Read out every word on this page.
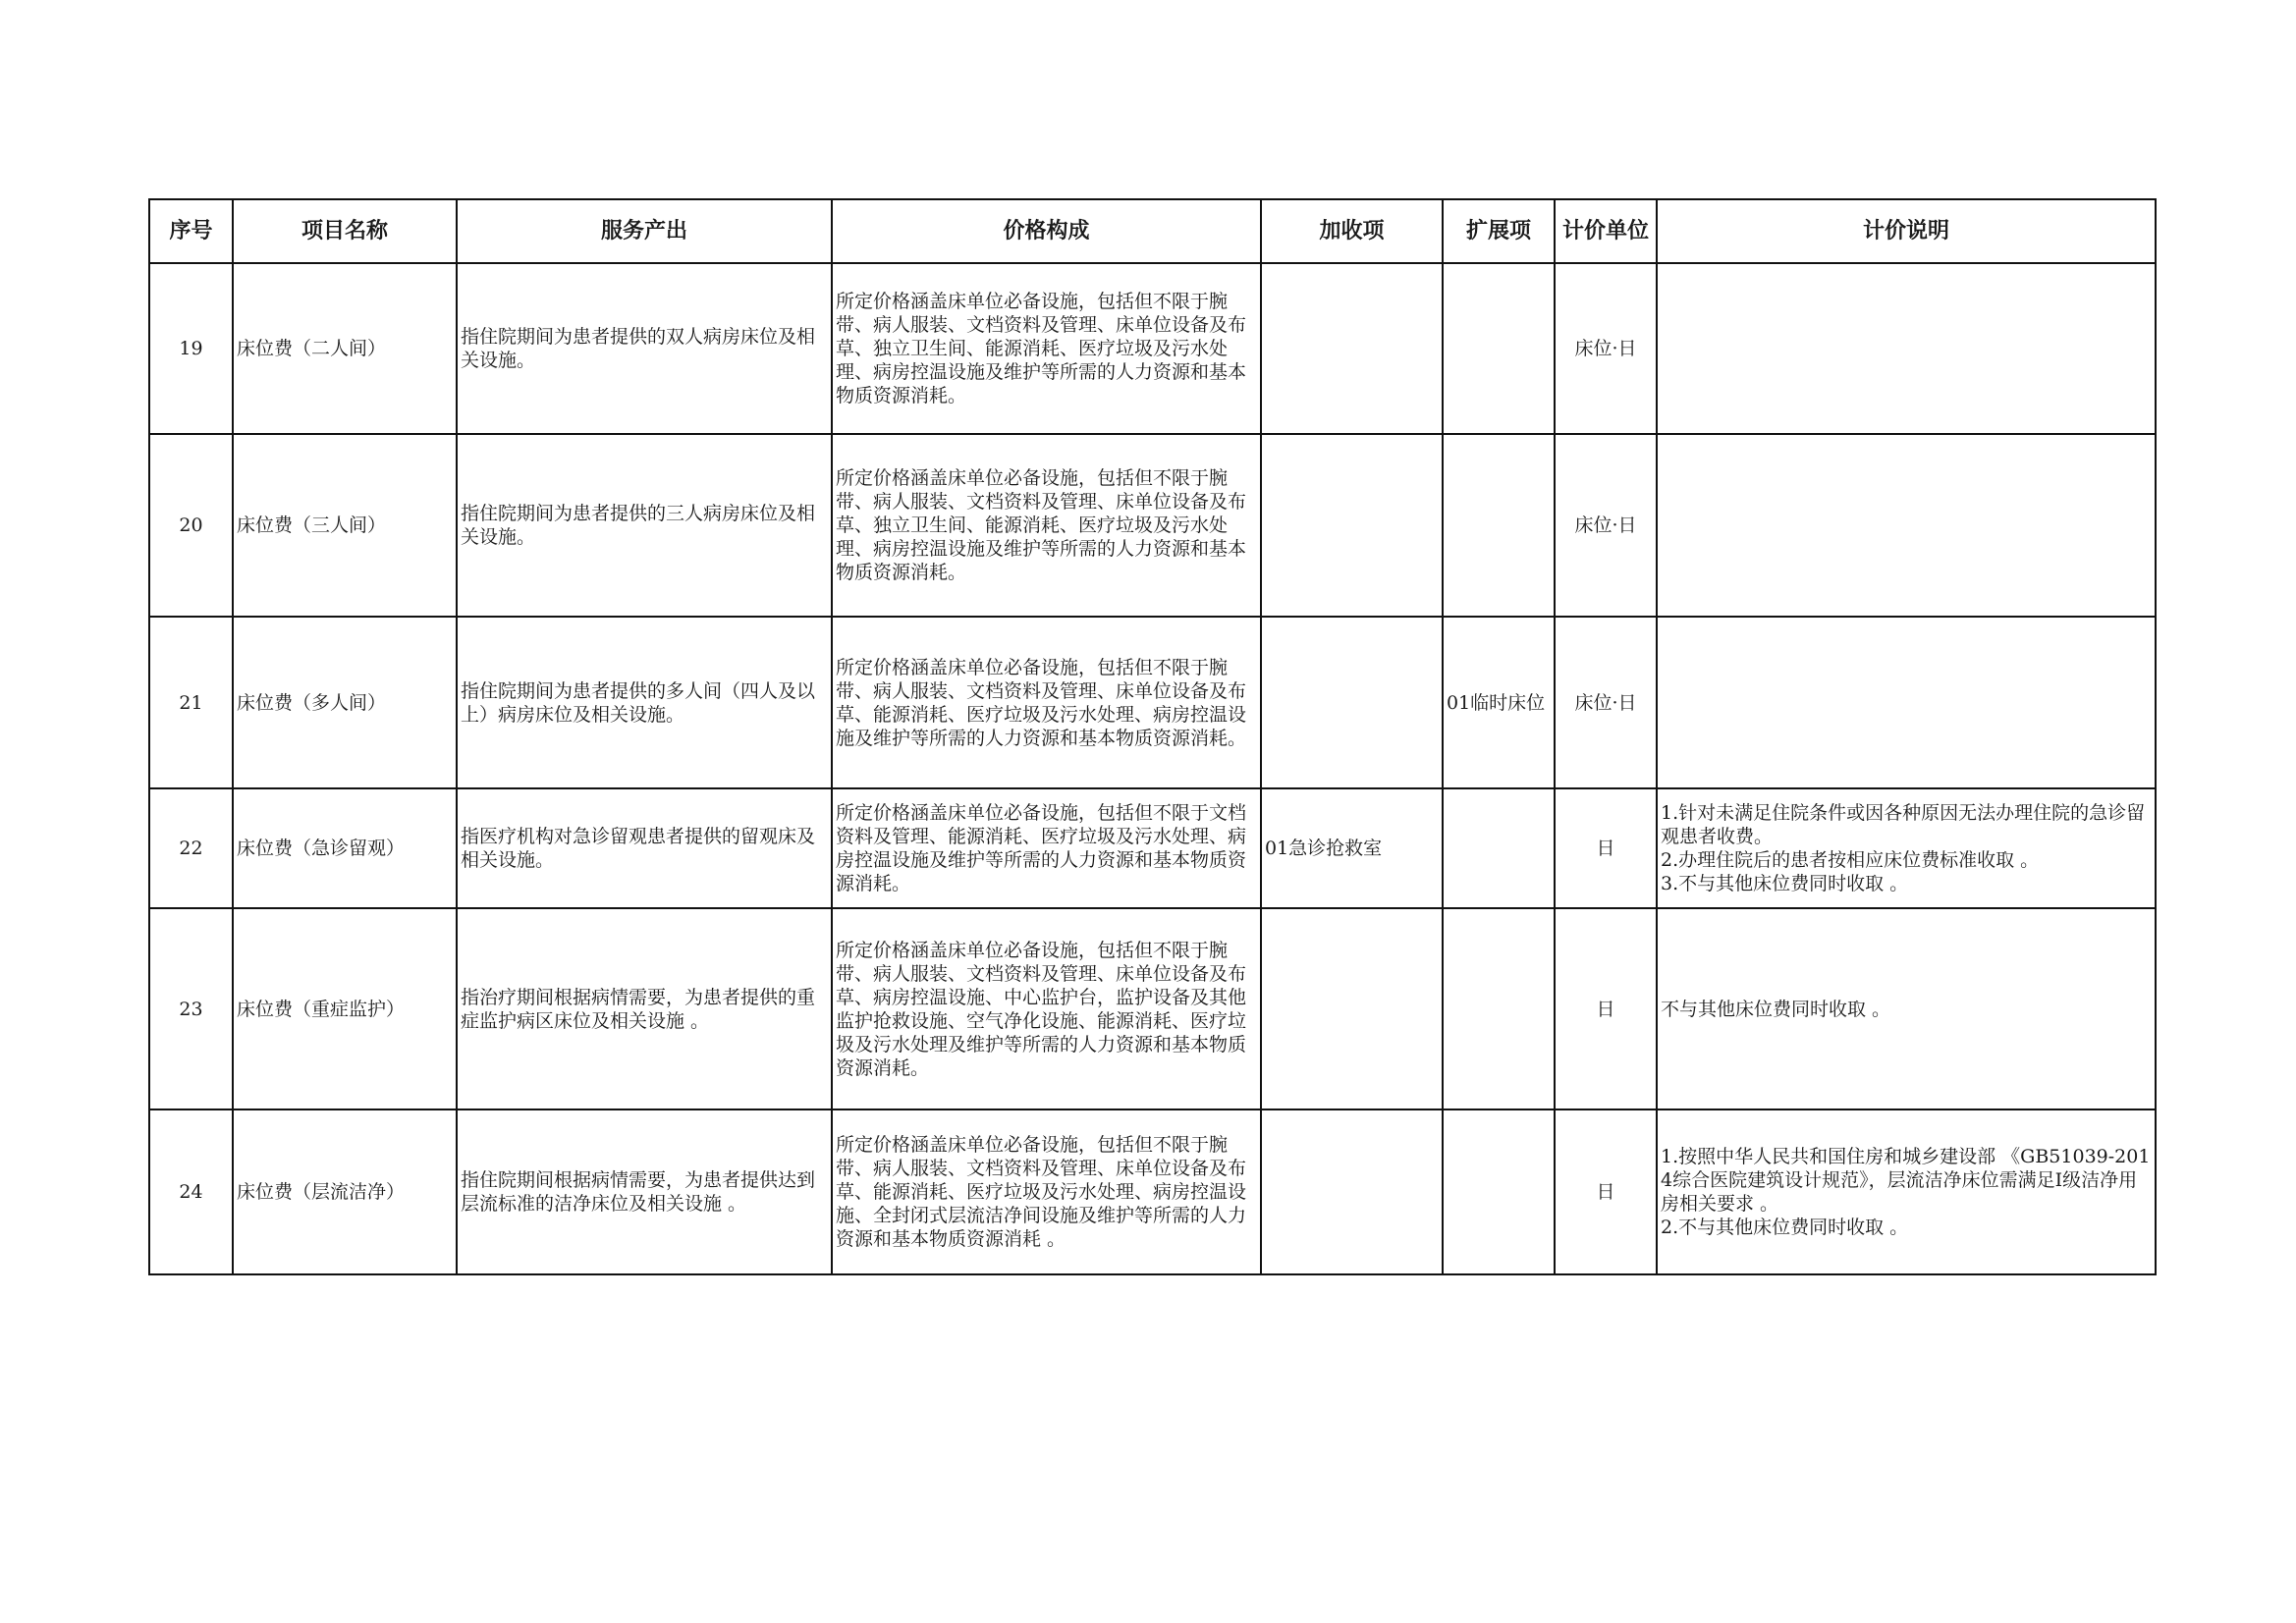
序号	项目名称	服务产出	价格构成	加收项	扩展项	计价单位	计价说明
19	床位费（二人间）	指住院期间为患者提供的双人病房床位及相关设施。	所定价格涵盖床单位必备设施，包括但不限于腕带、病人服装、文档资料及管理、床单位设备及布草、独立卫生间、能源消耗、医疗垃圾及污水处理、病房控温设施及维护等所需的人力资源和基本物质资源消耗。			床位·日	
20	床位费（三人间）	指住院期间为患者提供的三人病房床位及相关设施。	所定价格涵盖床单位必备设施，包括但不限于腕带、病人服装、文档资料及管理、床单位设备及布草、独立卫生间、能源消耗、医疗垃圾及污水处理、病房控温设施及维护等所需的人力资源和基本物质资源消耗。			床位·日	
21	床位费（多人间）	指住院期间为患者提供的多人间（四人及以上）病房床位及相关设施。	所定价格涵盖床单位必备设施，包括但不限于腕带、病人服装、文档资料及管理、床单位设备及布草、能源消耗、医疗垃圾及污水处理、病房控温设施及维护等所需的人力资源和基本物质资源消耗。		01临时床位	床位·日	
22	床位费（急诊留观）	指医疗机构对急诊留观患者提供的留观床及相关设施。	所定价格涵盖床单位必备设施，包括但不限于文档资料及管理、能源消耗、医疗垃圾及污水处理、病房控温设施及维护等所需的人力资源和基本物质资源消耗。	01急诊抢救室		日	1.针对未满足住院条件或因各种原因无法办理住院的急诊留观患者收费。
2.办理住院后的患者按相应床位费标准收取 。
3.不与其他床位费同时收取 。

23	床位费（重症监护）	指治疗期间根据病情需要，为患者提供的重症监护病区床位及相关设施 。	所定价格涵盖床单位必备设施，包括但不限于腕带、病人服装、文档资料及管理、床单位设备及布草、病房控温设施、中心监护台，监护设备及其他监护抢救设施、空气净化设施、能源消耗、医疗垃圾及污水处理及维护等所需的人力资源和基本物质资源消耗。			日	不与其他床位费同时收取 。

24	床位费（层流洁净）	指住院期间根据病情需要，为患者提供达到层流标准的洁净床位及相关设施 。	所定价格涵盖床单位必备设施，包括但不限于腕带、病人服装、文档资料及管理、床单位设备及布草、能源消耗、医疗垃圾及污水处理、病房控温设施、全封闭式层流洁净间设施及维护等所需的人力资源和基本物质资源消耗 。			日	1.按照中华人民共和国住房和城乡建设部 《GB51039-2014综合医院建筑设计规范》，层流洁净床位需满足Ⅰ级洁净用房相关要求 。
2.不与其他床位费同时收取 。
